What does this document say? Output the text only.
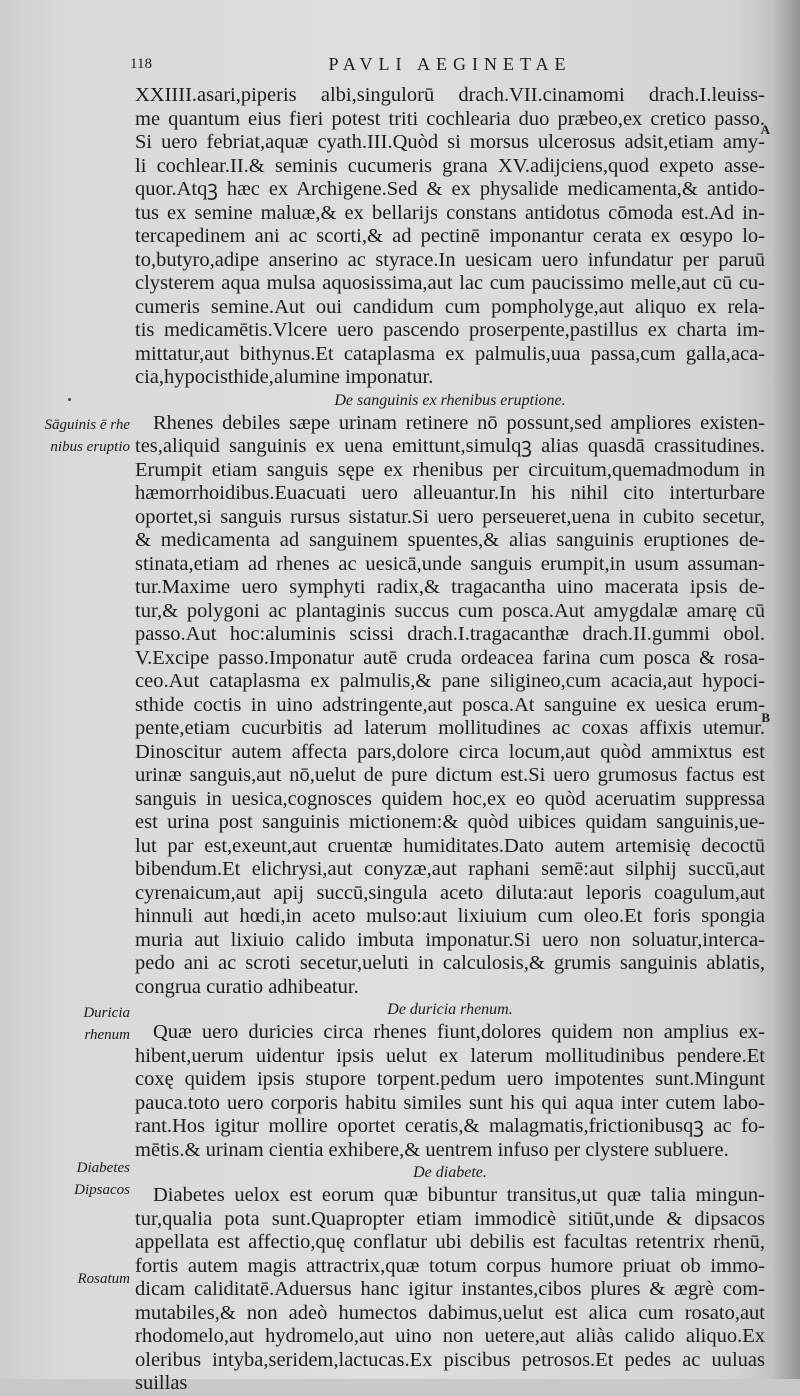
118	PAVLI AEGINETAE
Sāguinis ē rhe
nibus eruptio
Duricia
rhenum
Diabetes
Dipsacos
Rosatum
A
B

XXIIII.asari,piperis albi,singulorū drach.VII.cinamomi drach.I.leuiss-

me quantum eius fieri potest triti cochlearia duo præbeo,ex cretico passo.

Si uero febriat,aquæ cyath.III.Quòd si morsus ulcerosus adsit,etiam amy-

li cochlear.II.& seminis cucumeris grana XV.adijciens,quod expeto asse-

quor.Atqꝫ hæc ex Archigene.Sed & ex physalide medicamenta,& antido-

tus ex semine maluæ,& ex bellarijs constans antidotus cōmoda est.Ad in-

tercapedinem ani ac scorti,& ad pectinē imponantur cerata ex œsypo lo-

to,butyro,adipe anserino ac styrace.In uesicam uero infundatur per paruū

clysterem aqua mulsa aquosissima,aut lac cum paucissimo melle,aut cū cu-

cumeris semine.Aut oui candidum cum pompholyge,aut aliquo ex rela-

tis medicamētis.Vlcere uero pascendo proserpente,pastillus ex charta im-

mittatur,aut bithynus.Et cataplasma ex palmulis,uua passa,cum galla,aca-

cia,hypocisthide,alumine imponatur.

De sanguinis ex rhenibus eruptione.

Rhenes debiles sæpe urinam retinere nō possunt,sed ampliores existen-

tes,aliquid sanguinis ex uena emittunt,simulqꝫ alias quasdā crassitudines.

Erumpit etiam sanguis sępe ex rhenibus per circuitum,quemadmodum in

hæmorrhoidibus.Euacuati uero alleuantur.In his nihil cito interturbare

oportet,si sanguis rursus sistatur.Si uero perseueret,uena in cubito secetur,

& medicamenta ad sanguinem spuentes,& alias sanguinis eruptiones de-

stinata,etiam ad rhenes ac uesicā,unde sanguis erumpit,in usum assuman-

tur.Maxime uero symphyti radix,& tragacantha uino macerata ipsis de-

tur,& polygoni ac plantaginis succus cum posca.Aut amygdalæ amarę cū

passo.Aut hoc:aluminis scissi drach.I.tragacanthæ drach.II.gummi obol.

V.Excipe passo.Imponatur autē cruda ordeacea farina cum posca & rosa-

ceo.Aut cataplasma ex palmulis,& pane siligineo,cum acacia,aut hypoci-

sthide coctis in uino adstringente,aut posca.At sanguine ex uesica erum-

pente,etiam cucurbitis ad laterum mollitudines ac coxas affixis utemur.

Dinoscitur autem affecta pars,dolore circa locum,aut quòd ammixtus est

urinæ sanguis,aut nō,uelut de pure dictum est.Si uero grumosus factus est

sanguis in uesica,cognosces quidem hoc,ex eo quòd aceruatim suppressa

est urina post sanguinis mictionem:& quòd uibices quidam sanguinis,ue-

lut par est,exeunt,aut cruentæ humiditates.Dato autem artemisię decoctū

bibendum.Et elichrysi,aut conyzæ,aut raphani semē:aut silphij succū,aut

cyrenaicum,aut apij succū,singula aceto diluta:aut leporis coagulum,aut

hinnuli aut hœdi,in aceto mulso:aut lixiuium cum oleo.Et foris spongia

muria aut lixiuio calido imbuta imponatur.Si uero non soluatur,interca-

pedo ani ac scroti secetur,ueluti in calculosis,& grumis sanguinis ablatis,

congrua curatio adhibeatur.

De duricia rhenum.

Quæ uero duricies circa rhenes fiunt,dolores quidem non amplius ex-

hibent,uerum uidentur ipsis uelut ex laterum mollitudinibus pendere.Et

coxę quidem ipsis stupore torpent.pedum uero impotentes sunt.Mingunt

pauca.toto uero corporis habitu similes sunt his qui aqua inter cutem labo-

rant.Hos igitur mollire oportet ceratis,& malagmatis,frictionibusqꝫ ac fo-

mētis.& urinam cientia exhibere,& uentrem infuso per clystere subluere.

De diabete.

Diabetes uelox est eorum quæ bibuntur transitus,ut quæ talia mingun-

tur,qualia pota sunt.Quapropter etiam immodicè sitiūt,unde & dipsacos

appellata est affectio,quę conflatur ubi debilis est facultas retentrix rhenū,

fortis autem magis attractrix,quæ totum corpus humore priuat ob immo-

dicam caliditatē.Aduersus hanc igitur instantes,cibos plures & ægrè com-

mutabiles,& non adeò humectos dabimus,uelut est alica cum rosato,aut

rhodomelo,aut hydromelo,aut uino non uetere,aut aliàs calido aliquo.Ex

oleribus intyba,seridem,lactucas.Ex piscibus petrosos.Et pedes ac uuluas

suillas
